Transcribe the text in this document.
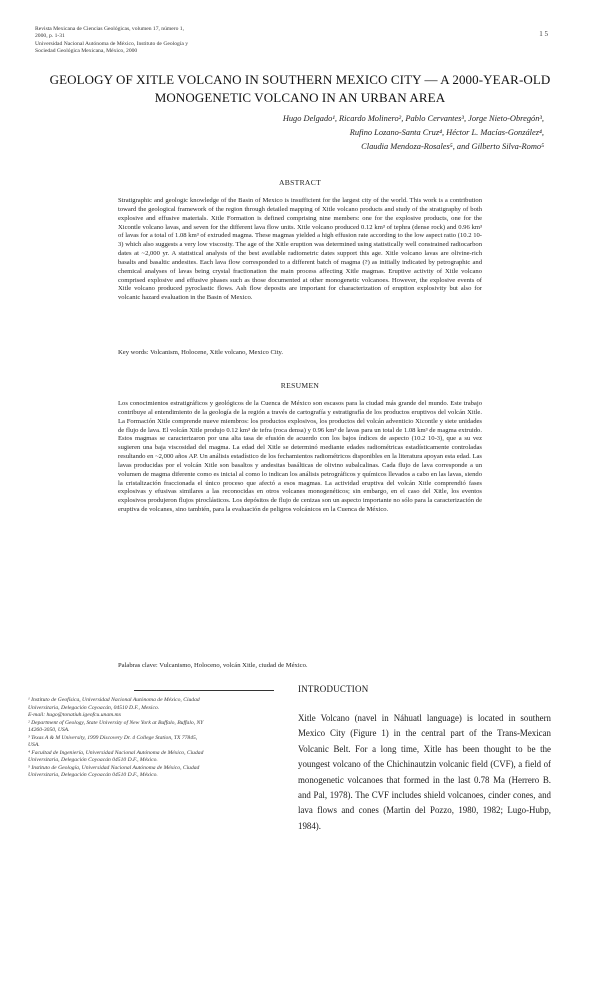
Revista Mexicana de Ciencias Geológicas, volumen 17, número 1,
2000, p. 1-31
Universidad Nacional Autónoma de México, Instituto de Geología y
Sociedad Geológica Mexicana, México, 2000
1 5
GEOLOGY OF XITLE VOLCANO IN SOUTHERN MEXICO CITY — A 2000-YEAR-OLD MONOGENETIC VOLCANO IN AN URBAN AREA
Hugo Delgado¹, Ricardo Molinero², Pablo Cervantes³, Jorge Nieto-Obregón³,
Rufino Lozano-Santa Cruz⁴, Héctor L. Macías-González⁴,
Claudia Mendoza-Rosales⁵, and Gilberto Silva-Romo⁵
ABSTRACT
Stratigraphic and geologic knowledge of the Basin of Mexico is insufficient for the largest city of the world. This work is a contribution toward the geological framework of the region through detailed mapping of Xitle volcano products and study of the stratigraphy of both explosive and effusive materials. Xitle Formation is defined comprising nine members: one for the explosive products, one for the Xicontle volcano lavas, and seven for the different lava flow units. Xitle volcano produced 0.12 km³ of tephra (dense rock) and 0.96 km³ of lavas for a total of 1.08 km³ of extruded magma. These magmas yielded a high effusion rate according to the low aspect ratio (10.2 10-3) which also suggests a very low viscosity. The age of the Xitle eruption was determined using statistically well constrained radiocarbon dates at ~2,000 yr. A statistical analysis of the best available radiometric dates support this age. Xitle volcano lavas are olivine-rich basalts and basaltic andesites. Each lava flow corresponded to a different batch of magma (?) as initially indicated by petrographic and chemical analyses of lavas being crystal fractionation the main process affecting Xitle magmas. Eruptive activity of Xitle volcano comprised explosive and effusive phases such as those documented at other monogenetic volcanoes. However, the explosive events of Xitle volcano produced pyroclastic flows. Ash flow deposits are important for characterization of eruption explosivity but also for volcanic hazard evaluation in the Basin of Mexico.
Key words: Volcanism, Holocene, Xitle volcano, Mexico City.
RESUMEN
Los conocimientos estratigráficos y geológicos de la Cuenca de México son escasos para la ciudad más grande del mundo. Este trabajo contribuye al entendimiento de la geología de la región a través de cartografía y estratigrafía de los productos eruptivos del volcán Xitle. La Formación Xitle comprende nueve miembros: los productos explosivos, los productos del volcán adventicio Xicontle y siete unidades de flujo de lava. El volcán Xitle produjo 0.12 km³ de tefra (roca densa) y 0.96 km³ de lavas para un total de 1.08 km³ de magma extruido. Estos magmas se caracterizaron por una alta tasa de efusión de acuerdo con los bajos índices de aspecto (10.2 10-3), que a su vez sugieren una baja viscosidad del magma. La edad del Xitle se determinó mediante edades radiométricas estadísticamente controladas resultando en ~2,000 años AP. Un análisis estadístico de los fechamientos radiométricos disponibles en la literatura apoyan esta edad. Las lavas producidas por el volcán Xitle son basaltos y andesitas basálticas de olivino subalcalinas. Cada flujo de lava corresponde a un volumen de magma diferente como es inicial al como lo indican los análisis petrográficos y químicos llevados a cabo en las lavas, siendo la cristalización fraccionada el único proceso que afectó a esos magmas. La actividad eruptiva del volcán Xitle comprendió fases explosivas y efusivas similares a las reconocidas en otros volcanes monogenéticos; sin embargo, en el caso del Xitle, los eventos explosivos produjeron flujos piroclásticos. Los depósitos de flujo de cenizas son un aspecto importante no sólo para la caracterización de eruptiva de volcanes, sino también, para la evaluación de peligros volcánicos en la Cuenca de México.
Palabras clave: Vulcanismo, Holoceno, volcán Xitle, ciudad de México.
¹ Instituto de Geofísica, Universidad Nacional Autónoma de México, Ciudad
Universitaria, Delegación Coyoacán, 04510 D.F., Mexico.
E-mail: hugo@tonatiuh.igeofcu.unam.mx
² Department of Geology, State University of New York at Buffalo, Buffalo, NY
14260-3050, USA.
³ Texas A & M University, 1999 Discovery Dr. 4 College Station, TX 77845,
USA.
⁴ Facultad de Ingeniería, Universidad Nacional Autónoma de México, Ciudad
Universitaria, Delegación Coyoacán 04510 D.F., México.
⁵ Instituto de Geología, Universidad Nacional Autónoma de México, Ciudad
Universitaria, Delegación Coyoacán 04510 D.F., México.
INTRODUCTION
Xitle Volcano (navel in Náhuatl language) is located in southern Mexico City (Figure 1) in the central part of the Trans-Mexican Volcanic Belt. For a long time, Xitle has been thought to be the youngest volcano of the Chichinautzin volcanic field (CVF), a field of monogenetic volcanoes that formed in the last 0.78 Ma (Herrero B. and Pal, 1978). The CVF includes shield volcanoes, cinder cones, and lava flows and cones (Martin del Pozzo, 1980, 1982; Lugo-Hubp, 1984).
